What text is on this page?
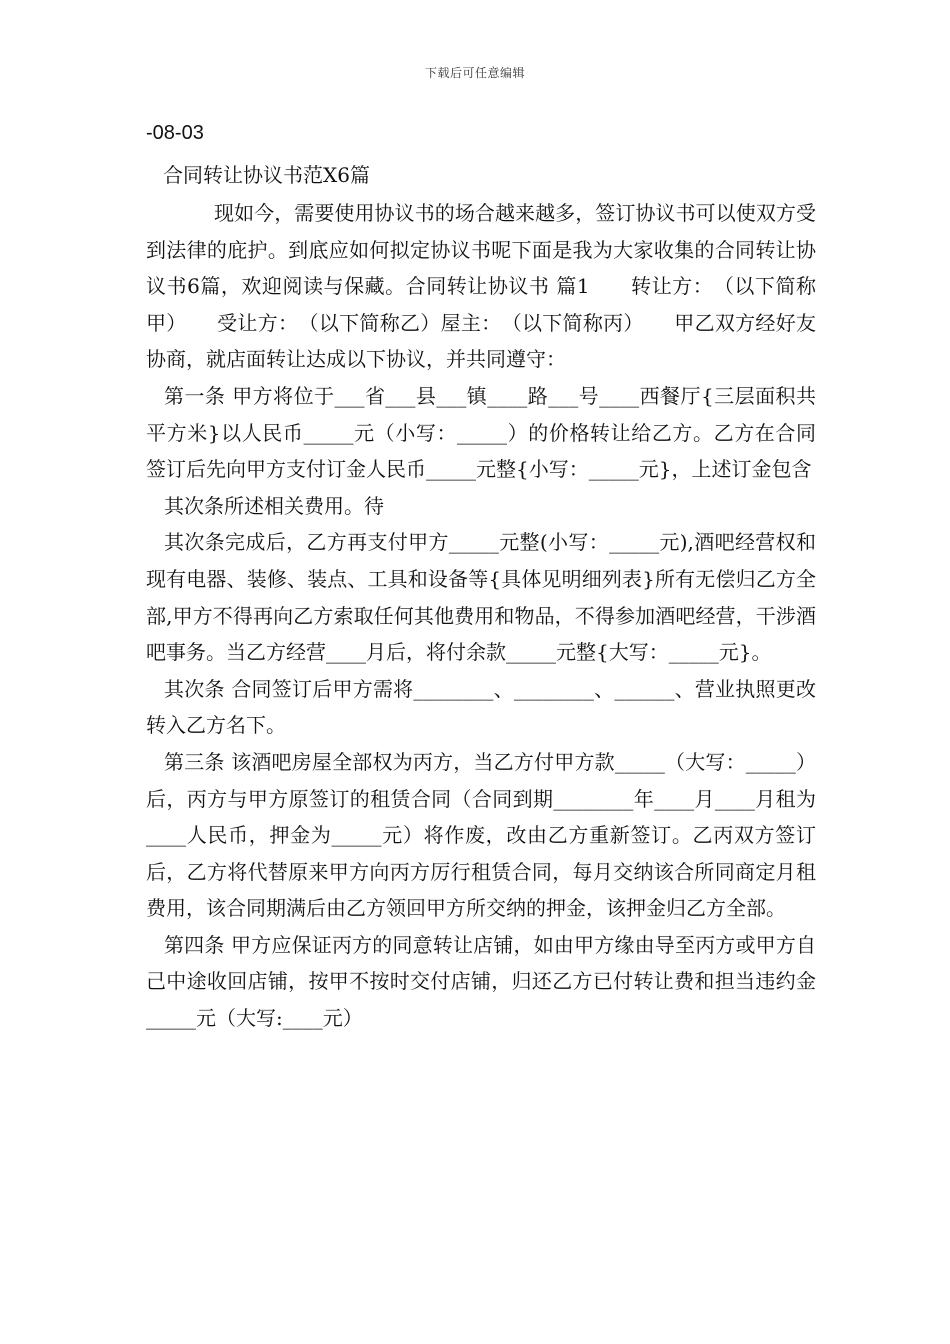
下载后可任意编辑
-08-03
合同转让协议书范X6篇

现如今，需要使用协议书的场合越来越多，签订协议书可以使双方受到法律的庇护。到底应如何拟定协议书呢下面是我为大家收集的合同转让协议书6篇，欢迎阅读与保藏。合同转让协议书 篇1　　转让方：　（以下简称甲）　　受让方：　（以下简称乙）屋主：　（以下简称丙）　　甲乙双方经好友协商，就店面转让达成以下协议，并共同遵守：

第一条 甲方将位于___省___县___镇____路___号____西餐厅{三层面积共平方米}以人民币_____元（小写：_____）的价格转让给乙方。乙方在合同签订后先向甲方支付订金人民币_____元整{小写：_____元}，上述订金包含

其次条所述相关费用。待

其次条完成后，乙方再支付甲方_____元整(小写：_____元),酒吧经营权和现有电器、装修、装点、工具和设备等{具体见明细列表}所有无偿归乙方全部,甲方不得再向乙方索取任何其他费用和物品，不得参加酒吧经营，干涉酒吧事务。当乙方经营____月后，将付余款_____元整{大写：_____元}。

其次条 合同签订后甲方需将________、________、______、营业执照更改转入乙方名下。

第三条 该酒吧房屋全部权为丙方，当乙方付甲方款_____（大写：_____）后，丙方与甲方原签订的租赁合同（合同到期________年____月____月租为____人民币，押金为_____元）将作废，改由乙方重新签订。乙丙双方签订后，乙方将代替原来甲方向丙方厉行租赁合同，每月交纳该合所同商定月租费用，该合同期满后由乙方领回甲方所交纳的押金，该押金归乙方全部。

第四条 甲方应保证丙方的同意转让店铺，如由甲方缘由导至丙方或甲方自己中途收回店铺，按甲不按时交付店铺，归还乙方已付转让费和担当违约金_____元（大写:____元）
